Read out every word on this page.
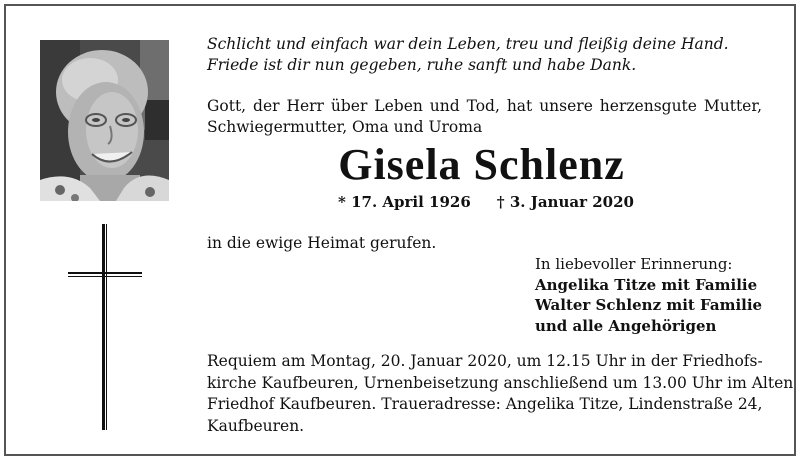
Schlicht und einfach war dein Leben, treu und fleißig deine Hand.
Friede ist dir nun gegeben, ruhe sanft und habe Dank.
Gott, der Herr über Leben und Tod, hat unsere herzensgute Mutter,
Schwiegermutter, Oma und Uroma
Gisela Schlenz
* 17. April 1926 † 3. Januar 2020
in die ewige Heimat gerufen.
In liebevoller Erinnerung:
Angelika Titze mit Familie
Walter Schlenz mit Familie
und alle Angehörigen
Requiem am Montag, 20. Januar 2020, um 12.15 Uhr in der Friedhofs-
kirche Kaufbeuren, Urnenbeisetzung anschließend um 13.00 Uhr im Alten
Friedhof Kaufbeuren. Traueradresse: Angelika Titze, Lindenstraße 24,
Kaufbeuren.
